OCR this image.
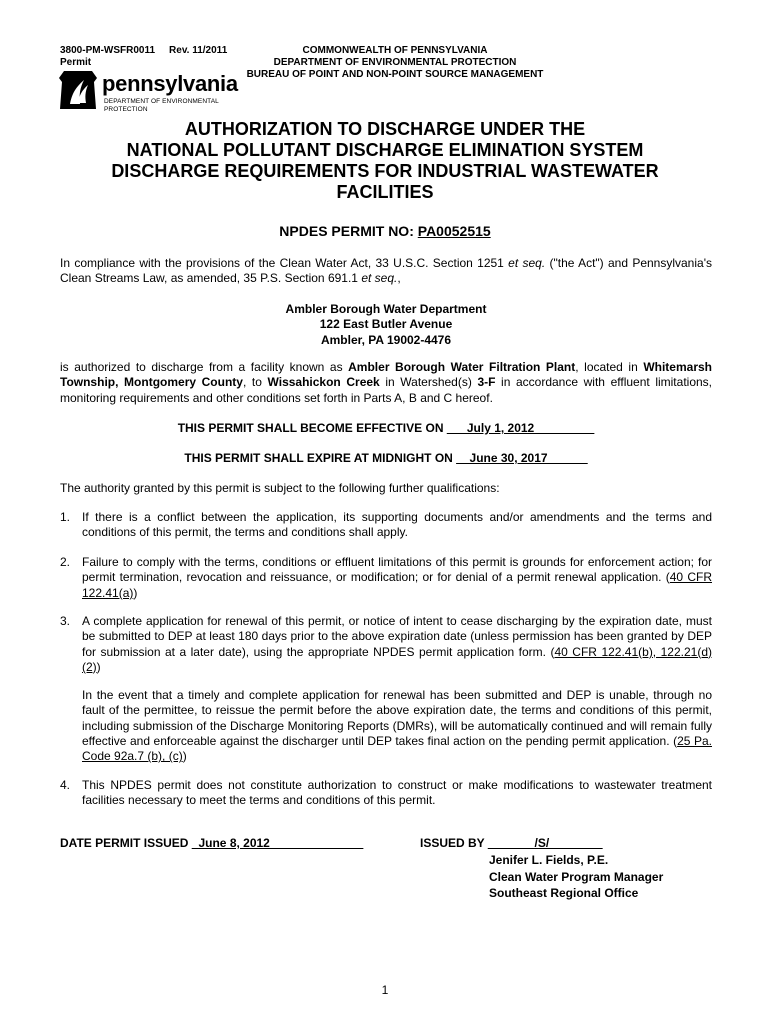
3800-PM-WSFR0011 Rev. 11/2011
Permit
COMMONWEALTH OF PENNSYLVANIA
DEPARTMENT OF ENVIRONMENTAL PROTECTION
BUREAU OF POINT AND NON-POINT SOURCE MANAGEMENT
pennsylvania
DEPARTMENT OF ENVIRONMENTAL PROTECTION
AUTHORIZATION TO DISCHARGE UNDER THE
NATIONAL POLLUTANT DISCHARGE ELIMINATION SYSTEM
DISCHARGE REQUIREMENTS FOR INDUSTRIAL WASTEWATER
FACILITIES
NPDES PERMIT NO: PA0052515
In compliance with the provisions of the Clean Water Act, 33 U.S.C. Section 1251 et seq. ("the Act") and Pennsylvania's Clean Streams Law, as amended, 35 P.S. Section 691.1 et seq.,
Ambler Borough Water Department
122 East Butler Avenue
Ambler, PA 19002-4476
is authorized to discharge from a facility known as Ambler Borough Water Filtration Plant, located in Whitemarsh Township, Montgomery County, to Wissahickon Creek in Watershed(s) 3-F in accordance with effluent limitations, monitoring requirements and other conditions set forth in Parts A, B and C hereof.
THIS PERMIT SHALL BECOME EFFECTIVE ON ___July 1, 2012_________
THIS PERMIT SHALL EXPIRE AT MIDNIGHT ON __June 30, 2017______
The authority granted by this permit is subject to the following further qualifications:
1. If there is a conflict between the application, its supporting documents and/or amendments and the terms and conditions of this permit, the terms and conditions shall apply.
2. Failure to comply with the terms, conditions or effluent limitations of this permit is grounds for enforcement action; for permit termination, revocation and reissuance, or modification; or for denial of a permit renewal application. (40 CFR 122.41(a))
3. A complete application for renewal of this permit, or notice of intent to cease discharging by the expiration date, must be submitted to DEP at least 180 days prior to the above expiration date (unless permission has been granted by DEP for submission at a later date), using the appropriate NPDES permit application form. (40 CFR 122.41(b), 122.21(d)(2))
In the event that a timely and complete application for renewal has been submitted and DEP is unable, through no fault of the permittee, to reissue the permit before the above expiration date, the terms and conditions of this permit, including submission of the Discharge Monitoring Reports (DMRs), will be automatically continued and will remain fully effective and enforceable against the discharger until DEP takes final action on the pending permit application. (25 Pa. Code 92a.7 (b), (c))
4. This NPDES permit does not constitute authorization to construct or make modifications to wastewater treatment facilities necessary to meet the terms and conditions of this permit.
DATE PERMIT ISSUED _June 8, 2012______________	ISSUED BY _______/S/________
Jenifer L. Fields, P.E.
Clean Water Program Manager
Southeast Regional Office
1
